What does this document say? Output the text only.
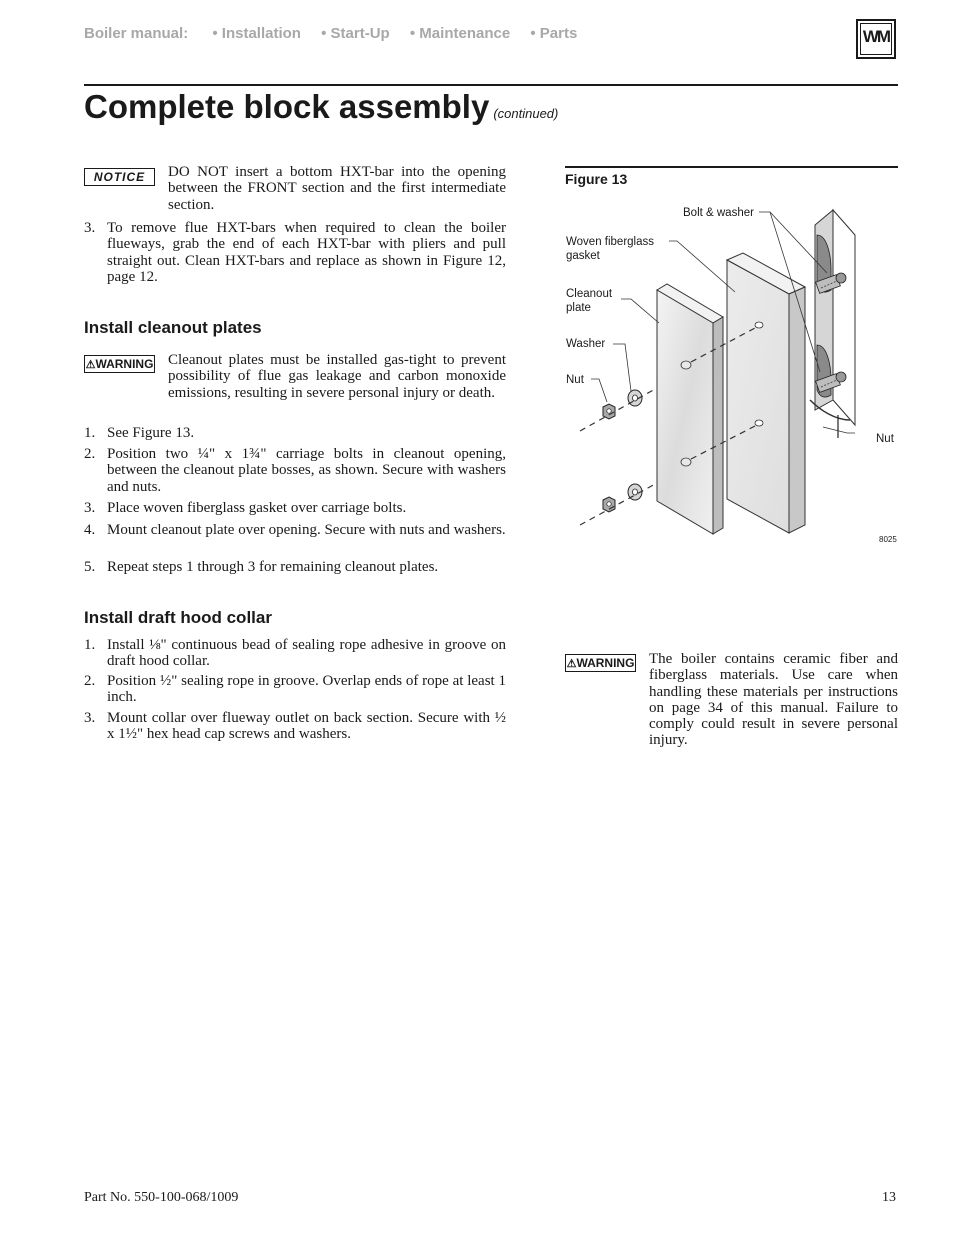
Boiler manual: • Installation • Start-Up • Maintenance • Parts	WM
Complete block assembly (continued)
NOTICE	DO NOT insert a bottom HXT-bar into the opening between the FRONT section and the first intermediate section.
3. To remove flue HXT-bars when required to clean the boiler flueways, grab the end of each HXT-bar with pliers and pull straight out. Clean HXT-bars and replace as shown in Figure 12, page 12.
Install cleanout plates
⚠WARNING Cleanout plates must be installed gas-tight to prevent possibility of flue gas leakage and carbon monoxide emissions, resulting in severe personal injury or death.
1. See Figure 13.
2. Position two ¼" x 1¾" carriage bolts in cleanout opening, between the cleanout plate bosses, as shown. Secure with washers and nuts.
3. Place woven fiberglass gasket over carriage bolts.
4. Mount cleanout plate over opening. Secure with nuts and washers.
5. Repeat steps 1 through 3 for remaining cleanout plates.
Install draft hood collar
1. Install ⅛" continuous bead of sealing rope adhesive in groove on draft hood collar.
2. Position ½" sealing rope in groove. Overlap ends of rope at least 1 inch.
3. Mount collar over flueway outlet on back section. Secure with ½ x 1½" hex head cap screws and washers.
Figure 13
Bolt & washer
Woven fiberglass
gasket
Cleanout
plate
Washer
Nut
Nut
8025
⚠WARNING The boiler contains ceramic fiber and fiberglass materials. Use care when handling these materials per instructions on page 34 of this manual. Failure to comply could result in severe personal injury.
Part No. 550-100-068/1009	13
